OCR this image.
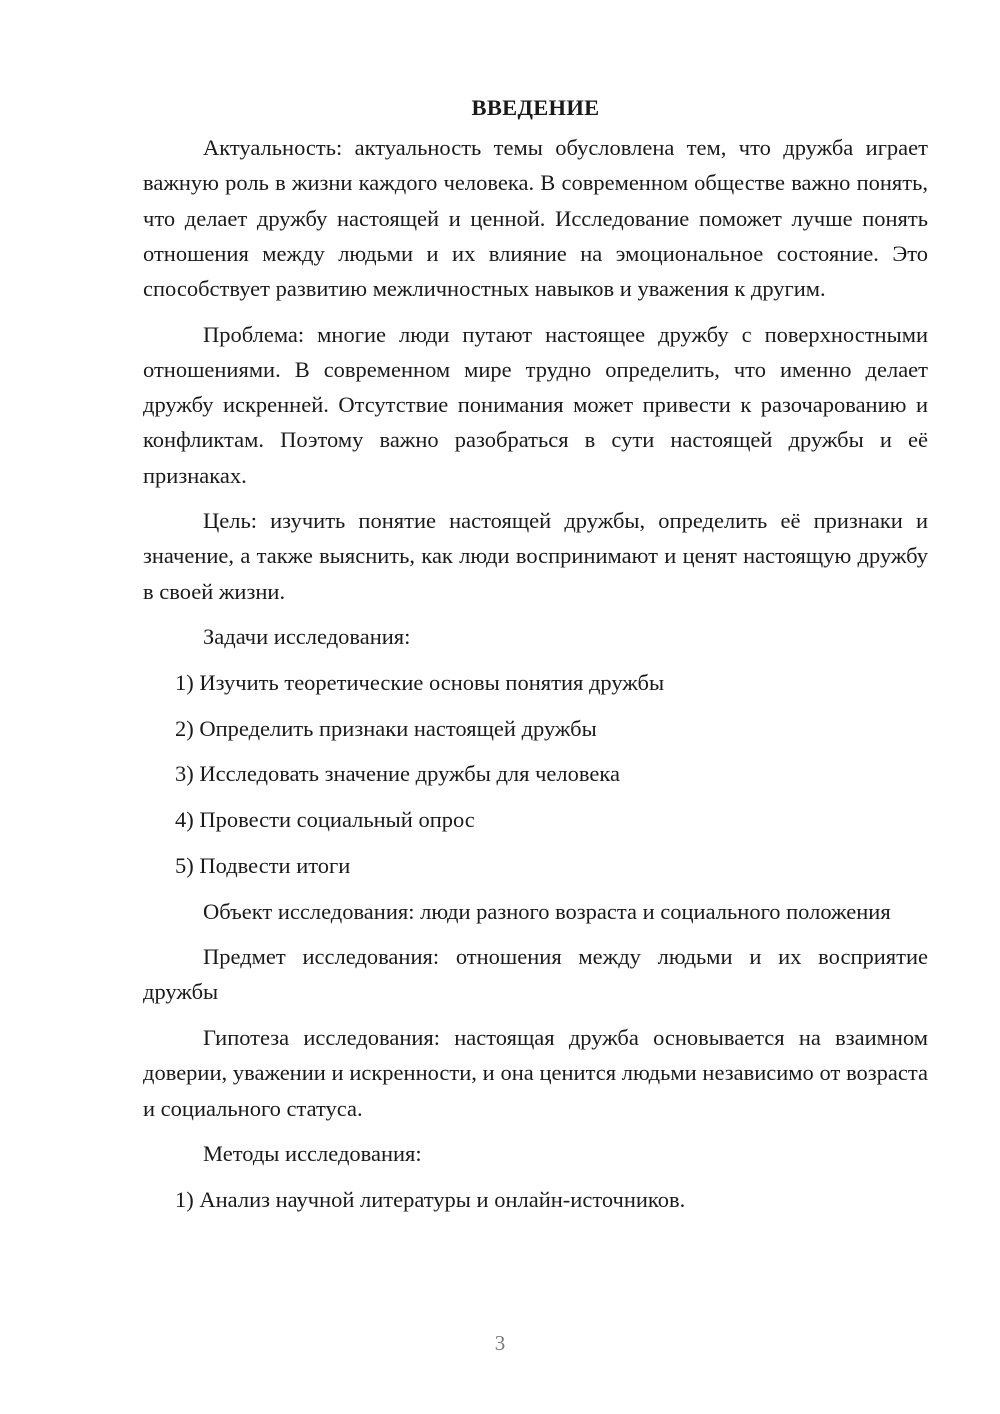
ВВЕДЕНИЕ

Актуальность: актуальность темы обусловлена тем, что дружба играет важную роль в жизни каждого человека. В современном обществе важно понять, что делает дружбу настоящей и ценной. Исследование поможет лучше понять отношения между людьми и их влияние на эмоциональное состояние. Это способствует развитию межличностных навыков и уважения к другим.

Проблема: многие люди путают настоящее дружбу с поверхностными отношениями. В современном мире трудно определить, что именно делает дружбу искренней. Отсутствие понимания может привести к разочарованию и конфликтам. Поэтому важно разобраться в сути настоящей дружбы и её признаках.

Цель: изучить понятие настоящей дружбы, определить её признаки и значение, а также выяснить, как люди воспринимают и ценят настоящую дружбу в своей жизни.

Задачи исследования:

1) Изучить теоретические основы понятия дружбы

2) Определить признаки настоящей дружбы

3) Исследовать значение дружбы для человека

4) Провести социальный опрос

5) Подвести итоги

Объект исследования: люди разного возраста и социального положения

Предмет исследования: отношения между людьми и их восприятие дружбы

Гипотеза исследования: настоящая дружба основывается на взаимном доверии, уважении и искренности, и она ценится людьми независимо от возраста и социального статуса.

Методы исследования:

1) Анализ научной литературы и онлайн-источников.

3
